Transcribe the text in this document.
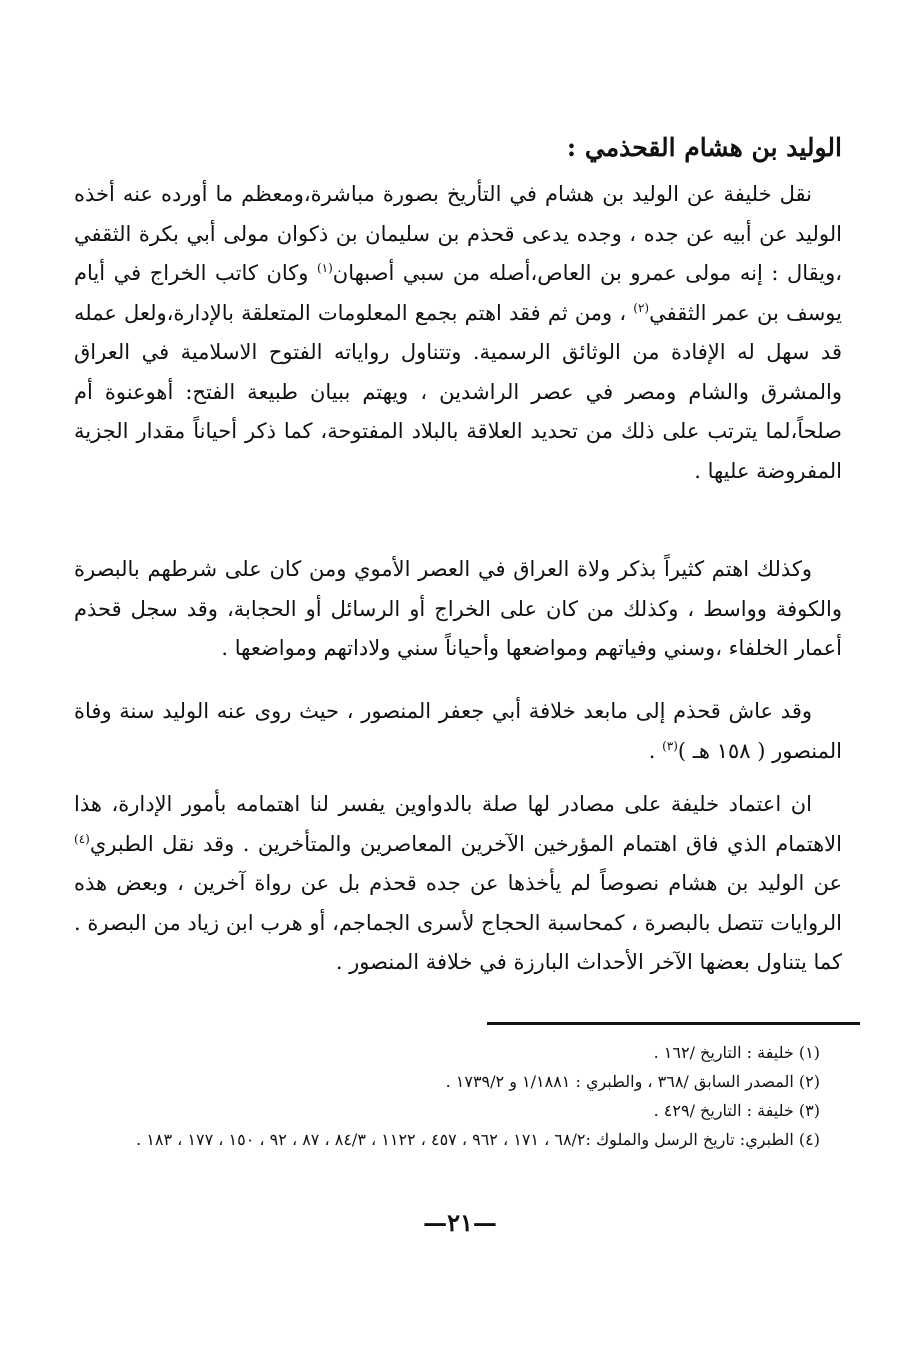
الوليد بن هشام القحذمي :

نقل خليفة عن الوليد بن هشام في التأريخ بصورة مباشرة،ومعظم ما أورده عنه أخذه الوليد عن أبيه عن جده ، وجده يدعى قحذم بن سليمان بن ذكوان مولى أبي بكرة الثقفي ،ويقال : إنه مولى عمرو بن العاص،أصله من سبي أصبهان$^{(١)}$ وكان كاتب الخراج في أيام يوسف بن عمر الثقفي$^{(٢)}$ ، ومن ثم فقد اهتم بجمع المعلومات المتعلقة بالإدارة،ولعل عمله قد سهل له الإفادة من الوثائق الرسمية. وتتناول رواياته الفتوح الاسلامية في العراق والمشرق والشام ومصر في عصر الراشدين ، ويهتم ببيان طبيعة الفتح: أهوعنوة أم صلحاً،لما يترتب على ذلك من تحديد العلاقة بالبلاد المفتوحة، كما ذكر أحياناً مقدار الجزية المفروضة عليها .

وكذلك اهتم كثيراً بذكر ولاة العراق في العصر الأموي ومن كان على شرطهم بالبصرة والكوفة وواسط ، وكذلك من كان على الخراج أو الرسائل أو الحجابة، وقد سجل قحذم أعمار الخلفاء ،وسني وفياتهم ومواضعها وأحياناً سني ولاداتهم ومواضعها .

وقد عاش قحذم إلى مابعد خلافة أبي جعفر المنصور ، حيث روى عنه الوليد سنة وفاة المنصور ( ١٥٨ هـ )$^{(٣)}$ .

ان اعتماد خليفة على مصادر لها صلة بالدواوين يفسر لنا اهتمامه بأمور الإدارة، هذا الاهتمام الذي فاق اهتمام المؤرخين الآخرين المعاصرين والمتأخرين . وقد نقل الطبري$^{(٤)}$ عن الوليد بن هشام نصوصاً لم يأخذها عن جده قحذم بل عن رواة آخرين ، وبعض هذه الروايات تتصل بالبصرة ، كمحاسبة الحجاج لأسرى الجماجم، أو هرب ابن زياد من البصرة . كما يتناول بعضها الآخر الأحداث البارزة في خلافة المنصور .

(١) خليفة : التاريخ /١٦٢ .
(٢) المصدر السابق /٣٦٨ ، والطبري : ١/١٨٨١ و ١٧٣٩/٢ .
(٣) خليفة : التاريخ /٤٢٩ .
(٤) الطبري: تاريخ الرسل والملوك :٦٨/٢ ، ١٧١ ، ٩٦٢ ، ٤٥٧ ، ١١٢٢ ، ٨٤/٣ ، ٨٧ ، ٩٢ ، ١٥٠ ، ١٧٧ ، ١٨٣ .
—٢١—
